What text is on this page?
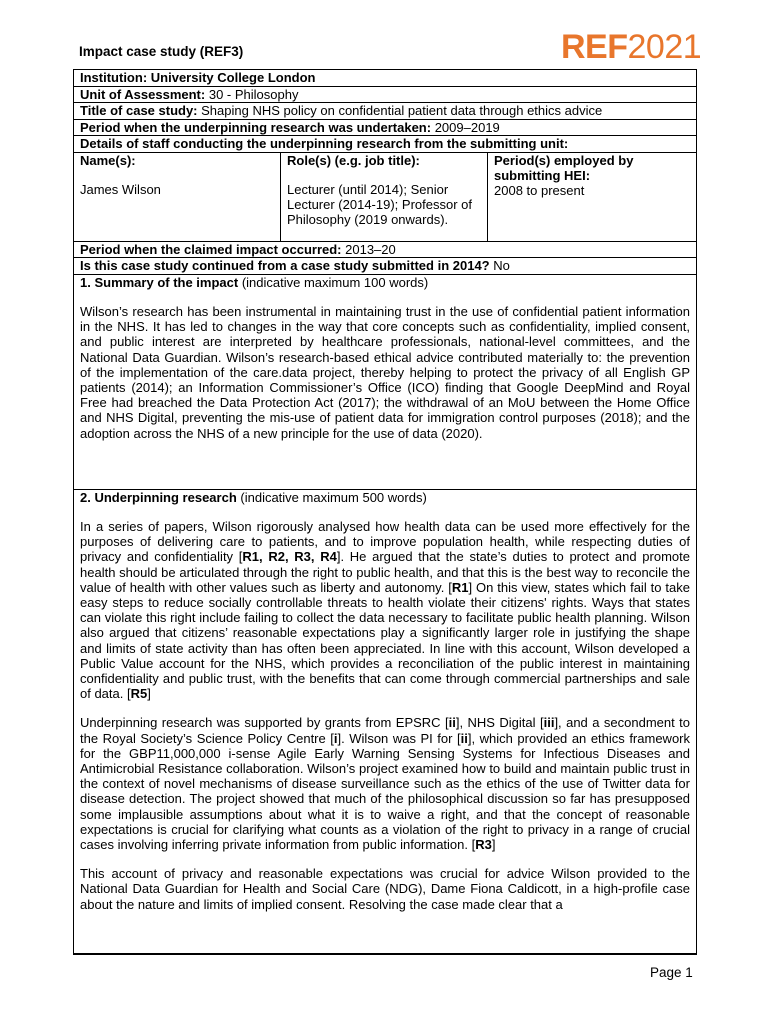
Impact case study (REF3)	REF2021
Institution: University College London
Unit of Assessment: 30 - Philosophy
Title of case study: Shaping NHS policy on confidential patient data through ethics advice
Period when the underpinning research was undertaken: 2009–2019
Details of staff conducting the underpinning research from the submitting unit:
Name(s):
James Wilson
Role(s) (e.g. job title):
Lecturer (until 2014); Senior Lecturer (2014-19); Professor of Philosophy (2019 onwards).
Period(s) employed by submitting HEI:
2008 to present
Period when the claimed impact occurred: 2013–20
Is this case study continued from a case study submitted in 2014? No
1. Summary of the impact (indicative maximum 100 words)

Wilson’s research has been instrumental in maintaining trust in the use of confidential patient information in the NHS. It has led to changes in the way that core concepts such as confidentiality, implied consent, and public interest are interpreted by healthcare professionals, national-level committees, and the National Data Guardian. Wilson’s research-based ethical advice contributed materially to: the prevention of the implementation of the care.data project, thereby helping to protect the privacy of all English GP patients (2014); an Information Commissioner’s Office (ICO) finding that Google DeepMind and Royal Free had breached the Data Protection Act (2017); the withdrawal of an MoU between the Home Office and NHS Digital, preventing the mis-use of patient data for immigration control purposes (2018); and the adoption across the NHS of a new principle for the use of data (2020).

2. Underpinning research (indicative maximum 500 words)

In a series of papers, Wilson rigorously analysed how health data can be used more effectively for the purposes of delivering care to patients, and to improve population health, while respecting duties of privacy and confidentiality [R1, R2, R3, R4]. He argued that the state’s duties to protect and promote health should be articulated through the right to public health, and that this is the best way to reconcile the value of health with other values such as liberty and autonomy. [R1] On this view, states which fail to take easy steps to reduce socially controllable threats to health violate their citizens' rights. Ways that states can violate this right include failing to collect the data necessary to facilitate public health planning. Wilson also argued that citizens’ reasonable expectations play a significantly larger role in justifying the shape and limits of state activity than has often been appreciated. In line with this account, Wilson developed a Public Value account for the NHS, which provides a reconciliation of the public interest in maintaining confidentiality and public trust, with the benefits that can come through commercial partnerships and sale of data. [R5]

Underpinning research was supported by grants from EPSRC [ii], NHS Digital [iii], and a secondment to the Royal Society’s Science Policy Centre [i]. Wilson was PI for [ii], which provided an ethics framework for the GBP11,000,000 i-sense Agile Early Warning Sensing Systems for Infectious Diseases and Antimicrobial Resistance collaboration. Wilson’s project examined how to build and maintain public trust in the context of novel mechanisms of disease surveillance such as the ethics of the use of Twitter data for disease detection. The project showed that much of the philosophical discussion so far has presupposed some implausible assumptions about what it is to waive a right, and that the concept of reasonable expectations is crucial for clarifying what counts as a violation of the right to privacy in a range of crucial cases involving inferring private information from public information. [R3]

This account of privacy and reasonable expectations was crucial for advice Wilson provided to the National Data Guardian for Health and Social Care (NDG), Dame Fiona Caldicott, in a high-profile case about the nature and limits of implied consent. Resolving the case made clear that a

Page 1
